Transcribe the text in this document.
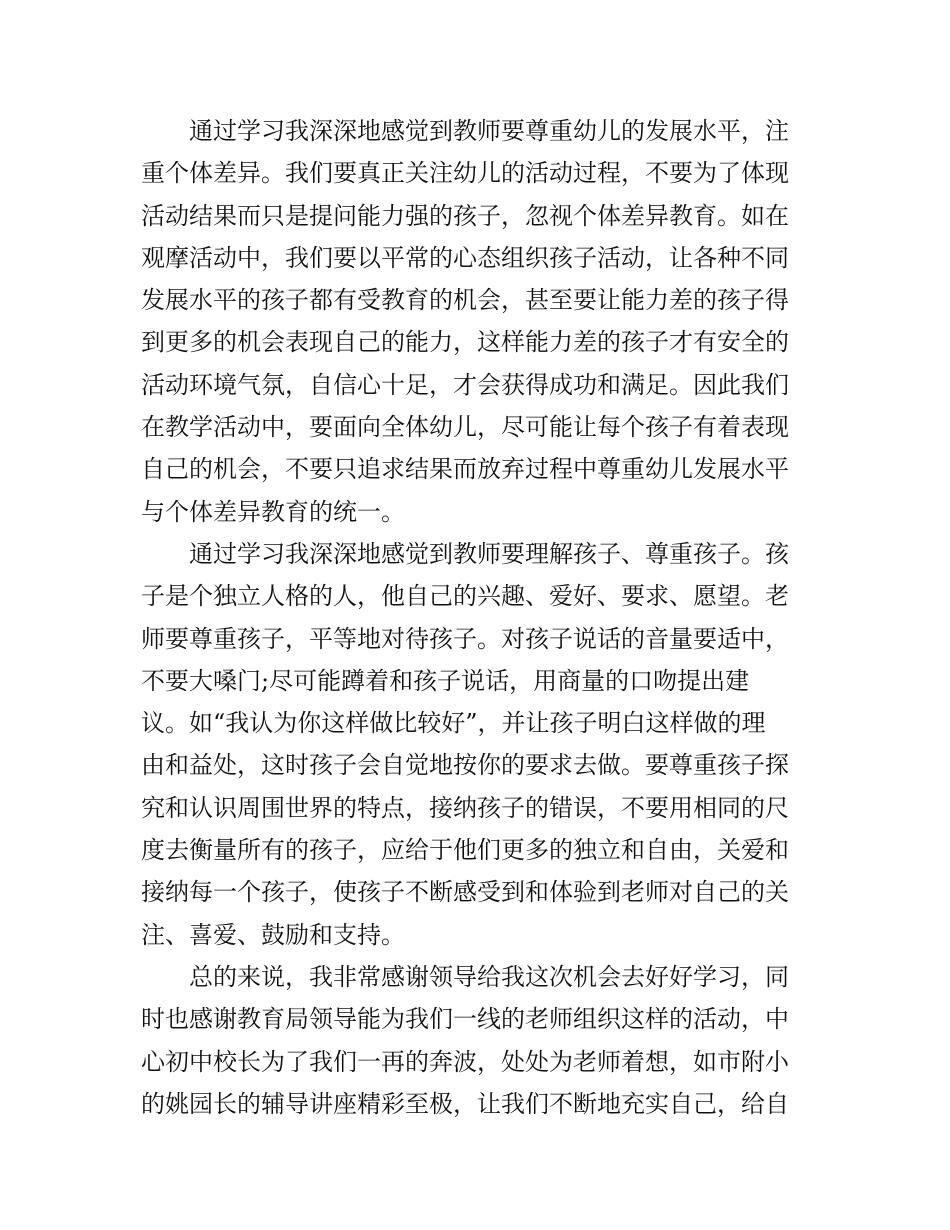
通过学习我深深地感觉到教师要尊重幼儿的发展水平，注

重个体差异。我们要真正关注幼儿的活动过程，不要为了体现

活动结果而只是提问能力强的孩子，忽视个体差异教育。如在

观摩活动中，我们要以平常的心态组织孩子活动，让各种不同

发展水平的孩子都有受教育的机会，甚至要让能力差的孩子得

到更多的机会表现自己的能力，这样能力差的孩子才有安全的

活动环境气氛，自信心十足，才会获得成功和满足。因此我们

在教学活动中，要面向全体幼儿，尽可能让每个孩子有着表现

自己的机会，不要只追求结果而放弃过程中尊重幼儿发展水平

与个体差异教育的统一。

通过学习我深深地感觉到教师要理解孩子、尊重孩子。孩

子是个独立人格的人，他自己的兴趣、爱好、要求、愿望。老

师要尊重孩子，平等地对待孩子。对孩子说话的音量要适中，

不要大嗓门;尽可能蹲着和孩子说话，用商量的口吻提出建

议。如“我认为你这样做比较好”，并让孩子明白这样做的理

由和益处，这时孩子会自觉地按你的要求去做。要尊重孩子探

究和认识周围世界的特点，接纳孩子的错误，不要用相同的尺

度去衡量所有的孩子，应给于他们更多的独立和自由，关爱和

接纳每一个孩子，使孩子不断感受到和体验到老师对自己的关

注、喜爱、鼓励和支持。

总的来说，我非常感谢领导给我这次机会去好好学习，同

时也感谢教育局领导能为我们一线的老师组织这样的活动，中

心初中校长为了我们一再的奔波，处处为老师着想，如市附小

的姚园长的辅导讲座精彩至极，让我们不断地充实自己，给自
